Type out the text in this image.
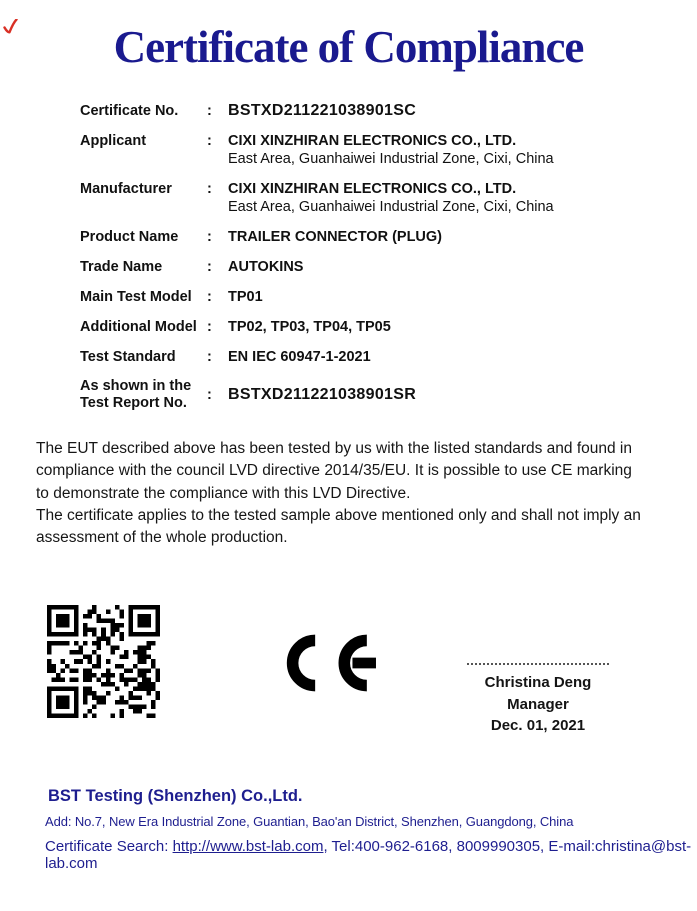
Certificate of Compliance
Certificate No.	:	BSTXD211221038901SC
Applicant	:	CIXI XINZHIRAN ELECTRONICS CO., LTD.
East Area, Guanhaiwei Industrial Zone, Cixi, China
Manufacturer	:	CIXI XINZHIRAN ELECTRONICS CO., LTD.
East Area, Guanhaiwei Industrial Zone, Cixi, China
Product Name	:	TRAILER CONNECTOR (PLUG)
Trade Name	:	AUTOKINS
Main Test Model	:	TP01
Additional Model :	TP02, TP03, TP04, TP05
Test Standard	:	EN IEC 60947-1-2021
As shown in the Test Report No.	:	BSTXD211221038901SR

The EUT described above has been tested by us with the listed standards and found in compliance with the council LVD directive 2014/35/EU. It is possible to use CE marking to demonstrate the compliance with this LVD Directive.

The certificate applies to the tested sample above mentioned only and shall not imply an assessment of the whole production.

Christina Deng
Manager
Dec. 01, 2021
BST Testing (Shenzhen) Co.,Ltd.
Add: No.7, New Era Industrial Zone, Guantian, Bao'an District, Shenzhen, Guangdong, China
Certificate Search: http://www.bst-lab.com, Tel:400-962-6168, 8009990305, E-mail:christina@bst-lab.com
